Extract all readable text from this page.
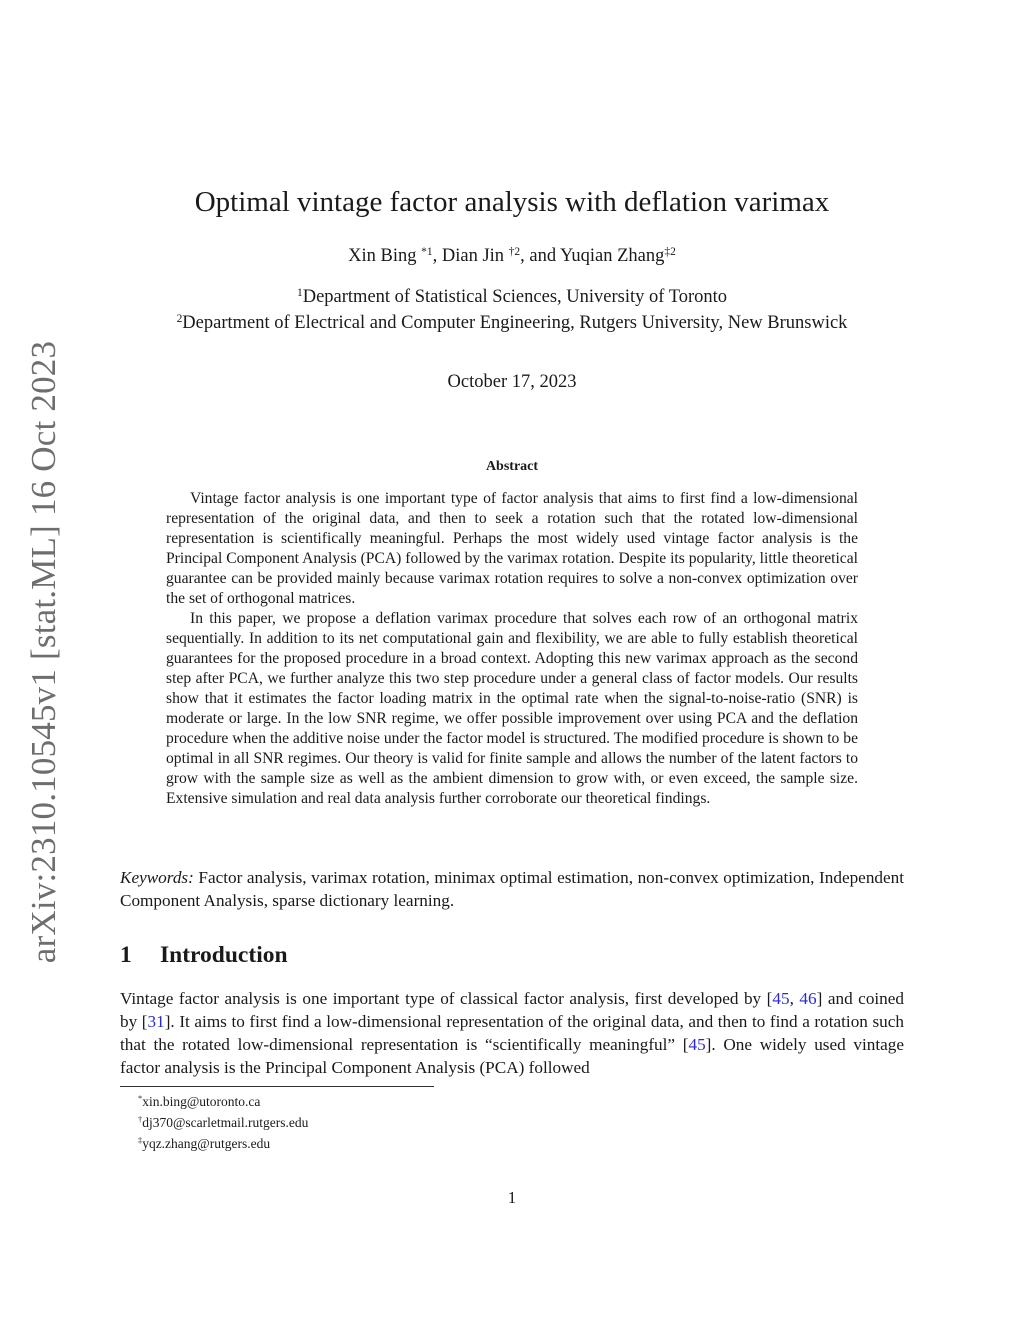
arXiv:2310.10545v1 [stat.ML] 16 Oct 2023
Optimal vintage factor analysis with deflation varimax
Xin Bing $^{*1}$, Dian Jin $^{\dagger 2}$, and Yuqian Zhang$^{\ddagger 2}$
$^1$Department of Statistical Sciences, University of Toronto
$^2$Department of Electrical and Computer Engineering, Rutgers University, New Brunswick
October 17, 2023
Abstract

Vintage factor analysis is one important type of factor analysis that aims to first find a low-dimensional representation of the original data, and then to seek a rotation such that the rotated low-dimensional representation is scientifically meaningful. Perhaps the most widely used vintage factor analysis is the Principal Component Analysis (PCA) followed by the varimax rotation. Despite its popularity, little theoretical guarantee can be provided mainly because varimax rotation requires to solve a non-convex optimization over the set of orthogonal matrices.

In this paper, we propose a deflation varimax procedure that solves each row of an orthogonal matrix sequentially. In addition to its net computational gain and flexibility, we are able to fully establish theoretical guarantees for the proposed procedure in a broad context. Adopting this new varimax approach as the second step after PCA, we further analyze this two step procedure under a general class of factor models. Our results show that it estimates the factor loading matrix in the optimal rate when the signal-to-noise-ratio (SNR) is moderate or large. In the low SNR regime, we offer possible improvement over using PCA and the deflation procedure when the additive noise under the factor model is structured. The modified procedure is shown to be optimal in all SNR regimes. Our theory is valid for finite sample and allows the number of the latent factors to grow with the sample size as well as the ambient dimension to grow with, or even exceed, the sample size. Extensive simulation and real data analysis further corroborate our theoretical findings.

Keywords: Factor analysis, varimax rotation, minimax optimal estimation, non-convex optimization, Independent Component Analysis, sparse dictionary learning.
1 Introduction

Vintage factor analysis is one important type of classical factor analysis, first developed by [45, 46] and coined by [31]. It aims to first find a low-dimensional representation of the original data, and then to find a rotation such that the rotated low-dimensional representation is “scientifically meaningful” [45]. One widely used vintage factor analysis is the Principal Component Analysis (PCA) followed

*xin.bing@utoronto.ca
†dj370@scarletmail.rutgers.edu
‡yqz.zhang@rutgers.edu
1
